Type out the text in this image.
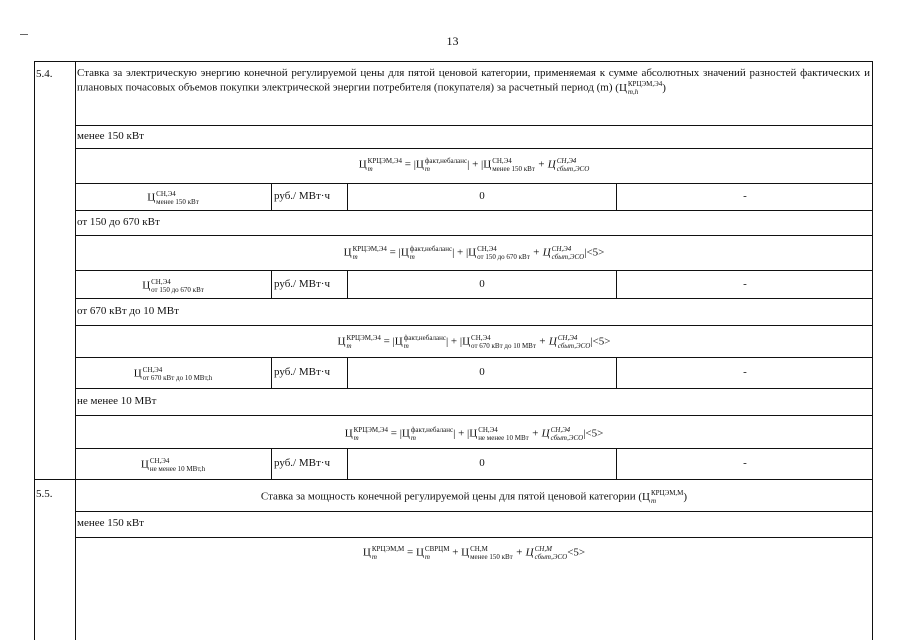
13
5.4.	Ставка за электрическую энергию конечной регулируемой цены для пятой ценовой категории, применяемая к сумме абсолютных значений разностей фактических и плановых почасовых объемов покупки электрической энергии потребителя (покупателя) за расчетный период (m) (Ц КРЦЭМ,Э4
m,h	)
менее 150 кВт
Ц КРЦЭМ,Э4
m	= |Ц факт,небаланс
m	| + |Ц СН,Э4
менее 150 кВт + Ц СН,Э4
сбыт,ЭСО
Ц СН,Э4
менее 150 кВт	руб./ МВт·ч	0	-
от 150 до 670 кВт
Ц КРЦЭМ,Э4
m	= |Ц факт,небаланс
m	| + |Ц СН,Э4
от 150 до 670 кВт + Ц СН,Э4
сбыт,ЭСО |<5>
Ц СН,Э4
от 150 до 670 кВт	руб./ МВт·ч	0	-
от 670 кВт до 10 МВт
Ц КРЦЭМ,Э4
m	= |Ц факт,небаланс
m	| + |Ц СН,Э4
от 670 кВт до 10 МВт + Ц СН,Э4
сбыт,ЭСО |<5>
Ц СН,Э4
от 670 кВт до 10 МВт,h	руб./ МВт·ч	0	-
не менее 10 МВт
Ц КРЦЭМ,Э4
m	= |Ц факт,небаланс
m	| + |Ц СН,Э4
не менее 10 МВт + Ц СН,Э4
сбыт,ЭСО |<5>
Ц СН,Э4
не менее 10 МВт,h	руб./ МВт·ч	0	-
5.5.	Ставка за мощность конечной регулируемой цены для пятой ценовой категории (Ц КРЦЭМ,М
m	)
менее 150 кВт
Ц КРЦЭМ,М
m	= Ц СВРЦМ
m	+ Ц СН,М
менее 150 кВт + Ц СН,М
сбыт,ЭСО <5>
